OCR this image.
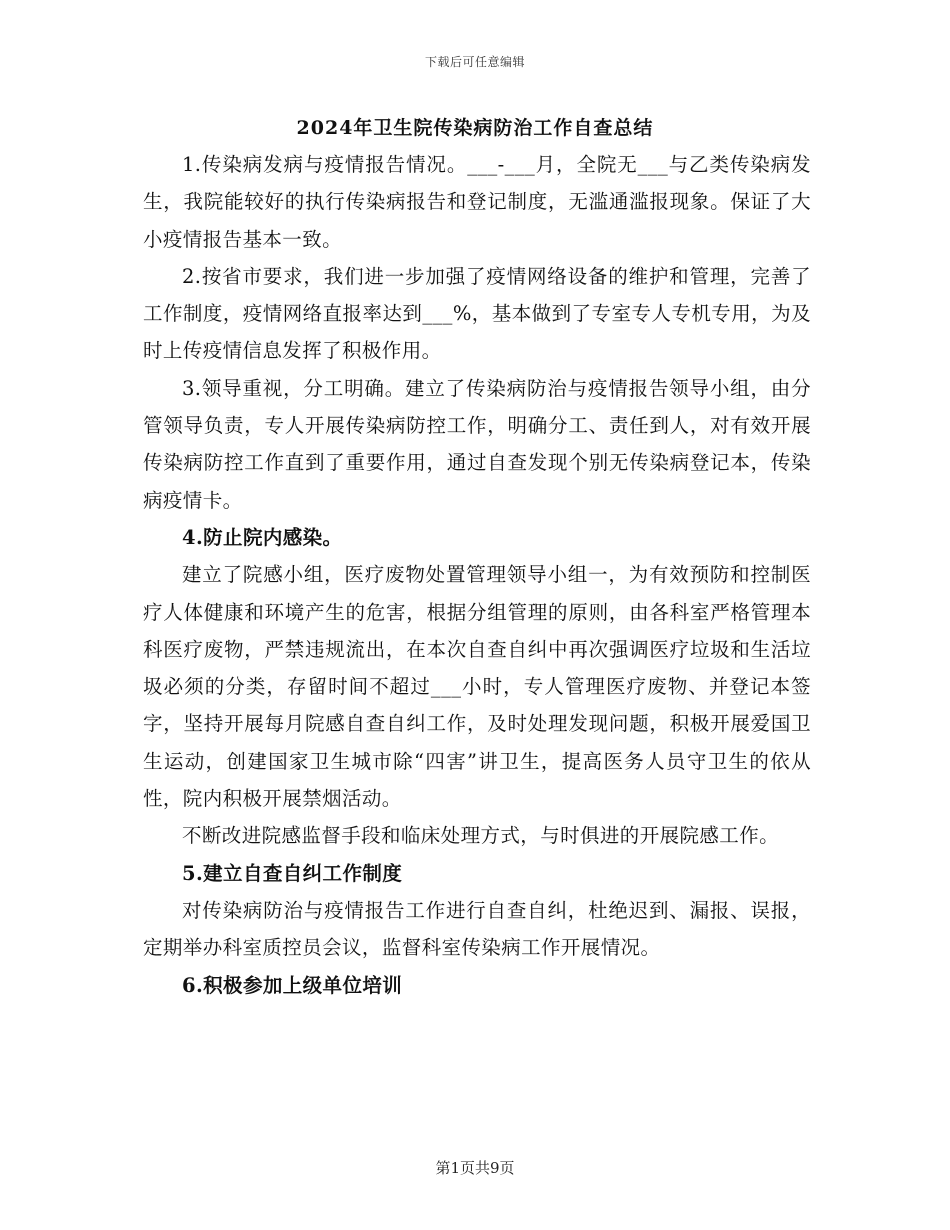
下载后可任意编辑
2024年卫生院传染病防治工作自查总结

1.传染病发病与疫情报告情况。___-___月，全院无___与乙类传染病发生，我院能较好的执行传染病报告和登记制度，无滥通滥报现象。保证了大小疫情报告基本一致。

2.按省市要求，我们进一步加强了疫情网络设备的维护和管理，完善了工作制度，疫情网络直报率达到___%，基本做到了专室专人专机专用，为及时上传疫情信息发挥了积极作用。

3.领导重视，分工明确。建立了传染病防治与疫情报告领导小组，由分管领导负责，专人开展传染病防控工作，明确分工、责任到人，对有效开展传染病防控工作直到了重要作用，通过自查发现个别无传染病登记本，传染病疫情卡。

4.防止院内感染。

建立了院感小组，医疗废物处置管理领导小组一，为有效预防和控制医疗人体健康和环境产生的危害，根据分组管理的原则，由各科室严格管理本科医疗废物，严禁违规流出，在本次自查自纠中再次强调医疗垃圾和生活垃圾必须的分类，存留时间不超过___小时，专人管理医疗废物、并登记本签字，坚持开展每月院感自查自纠工作，及时处理发现问题，积极开展爱国卫生运动，创建国家卫生城市除“四害”讲卫生，提高医务人员守卫生的依从性，院内积极开展禁烟活动。

不断改进院感监督手段和临床处理方式，与时俱进的开展院感工作。

5.建立自查自纠工作制度

对传染病防治与疫情报告工作进行自查自纠，杜绝迟到、漏报、误报，定期举办科室质控员会议，监督科室传染病工作开展情况。

6.积极参加上级单位培训

第1页共9页
